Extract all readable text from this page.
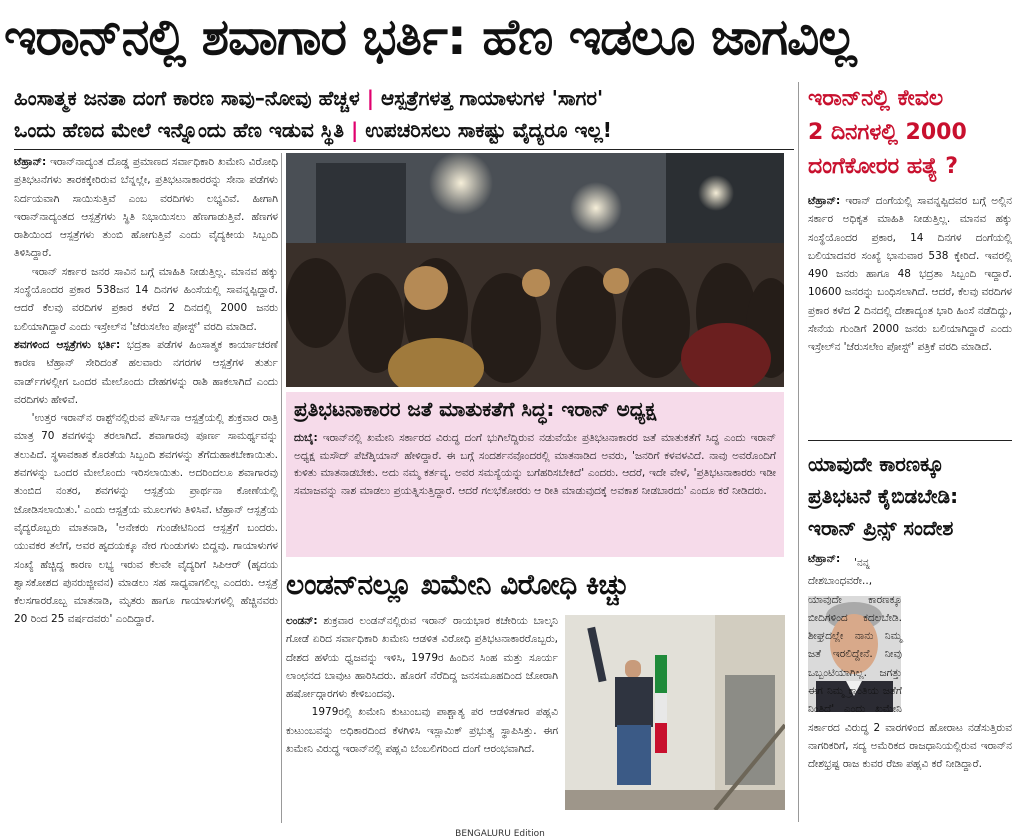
ಇರಾನ್‌ನಲ್ಲಿ ಶವಾಗಾರ ಭರ್ತಿ: ಹೆಣ ಇಡಲೂ ಜಾಗವಿಲ್ಲ
ಹಿಂಸಾತ್ಮಕ ಜನತಾ ದಂಗೆ ಕಾರಣ ಸಾವು–ನೋವು ಹೆಚ್ಚಳ | ಆಸ್ಪತ್ರೆಗಳತ್ತ ಗಾಯಾಳುಗಳ 'ಸಾಗರ'
ಒಂದು ಹೆಣದ ಮೇಲೆ ಇನ್ನೊಂದು ಹೆಣ ಇಡುವ ಸ್ಥಿತಿ | ಉಪಚರಿಸಲು ಸಾಕಷ್ಟು ವೈದ್ಯರೂ ಇಲ್ಲ!

ಟೆಹ್ರಾನ್: ಇರಾನ್‌ನಾದ್ಯಂತ ದೊಡ್ಡ ಪ್ರಮಾಣದ ಸರ್ವಾಧಿಕಾರಿ ಖಮೇನಿ ವಿರೋಧಿ ಪ್ರತಿಭಟನೆಗಳು ತಾರಕಕ್ಕೇರಿರುವ ಬೆನ್ನಲ್ಲೇ, ಪ್ರತಿಭಟನಾಕಾರರನ್ನು ಸೇನಾ ಪಡೆಗಳು ನಿರ್ದಯವಾಗಿ ಸಾಯಿಸುತ್ತಿವೆ ಎಂಬ ವರದಿಗಳು ಲಭ್ಯವಿವೆ. ಹೀಗಾಗಿ ಇರಾನ್‌ನಾದ್ಯಂತದ ಆಸ್ಪತ್ರೆಗಳು ಸ್ಥಿತಿ ನಿಭಾಯಿಸಲು ಹೆಣಗಾಡುತ್ತಿವೆ. ಹೆಣಗಳ ರಾಶಿಯಿಂದ ಆಸ್ಪತ್ರೆಗಳು ತುಂಬಿ ಹೋಗುತ್ತಿವೆ ಎಂದು ವೈದ್ಯಕೀಯ ಸಿಬ್ಬಂದಿ ತಿಳಿಸಿದ್ದಾರೆ.

ಇರಾನ್ ಸರ್ಕಾರ ಜನರ ಸಾವಿನ ಬಗ್ಗೆ ಮಾಹಿತಿ ನೀಡುತ್ತಿಲ್ಲ. ಮಾನವ ಹಕ್ಕು ಸಂಸ್ಥೆಯೊಂದರ ಪ್ರಕಾರ 538ಜನ 14 ದಿನಗಳ ಹಿಂಸೆಯಲ್ಲಿ ಸಾವನ್ನಪ್ಪಿದ್ದಾರೆ. ಆದರೆ ಕೆಲವು ವರದಿಗಳ ಪ್ರಕಾರ ಕಳೆದ 2 ದಿನದಲ್ಲಿ 2000 ಜನರು ಬಲಿಯಾಗಿದ್ದಾರೆ ಎಂದು ಇಸ್ರೇಲ್‌ನ 'ಜೆರುಸಲೇಂ ಪೋಸ್ಟ್' ವರದಿ ಮಾಡಿದೆ.

ಶವಗಳಿಂದ ಆಸ್ಪತ್ರೆಗಳು ಭರ್ತಿ: ಭದ್ರತಾ ಪಡೆಗಳ ಹಿಂಸಾತ್ಮಕ ಕಾರ್ಯಾಚರಣೆ ಕಾರಣ ಟೆಹ್ರಾನ್ ಸೇರಿದಂತೆ ಹಲವಾರು ನಗರಗಳ ಆಸ್ಪತ್ರೆಗಳ ತುರ್ತು ವಾರ್ಡ್‌ಗಳಲ್ಲೀಗ ಒಂದರ ಮೇಲೊಂದು ದೇಹಗಳನ್ನು ರಾಶಿ ಹಾಕಲಾಗಿದೆ ಎಂದು ವರದಿಗಳು ಹೇಳಿವೆ.

'ಉತ್ತರ ಇರಾನ್‌ನ ರಾಶ್ಟ್‌ನಲ್ಲಿರುವ ಪೌರ್ಸಿನಾ ಆಸ್ಪತ್ರೆಯಲ್ಲಿ ಶುಕ್ರವಾರ ರಾತ್ರಿ ಮಾತ್ರ 70 ಶವಗಳನ್ನು ತರಲಾಗಿದೆ. ಶವಾಗಾರವು ಪೂರ್ಣ ಸಾಮರ್ಥ್ಯವನ್ನು ತಲುಪಿದೆ. ಸ್ಥಳಾವಕಾಶ ಕೊರತೆಯ ಸಿಬ್ಬಂದಿ ಶವಗಳನ್ನು ತೆಗೆದುಹಾಕಬೇಕಾಯಿತು. ಶವಗಳನ್ನು ಒಂದರ ಮೇಲೊಂದು ಇರಿಸಲಾಯಿತು. ಅದರಿಂದಲೂ ಶವಾಗಾರವು ತುಂಬಿದ ನಂತರ, ಶವಗಳನ್ನು ಆಸ್ಪತ್ರೆಯ ಪ್ರಾರ್ಥನಾ ಕೋಣೆಯಲ್ಲಿ ಜೋಡಿಸಲಾಯಿತು.' ಎಂದು ಆಸ್ಪತ್ರೆಯ ಮೂಲಗಳು ತಿಳಿಸಿವೆ. ಟೆಹ್ರಾನ್ ಆಸ್ಪತ್ರೆಯ ವೈದ್ಯರೊಬ್ಬರು ಮಾತನಾಡಿ, 'ಅನೇಕರು ಗುಂಡೇಟಿನಿಂದ ಆಸ್ಪತ್ರೆಗೆ ಬಂದರು. ಯುವಕರ ತಲೆಗೆ, ಅವರ ಹೃದಯಕ್ಕೂ ನೇರ ಗುಂಡುಗಳು ಬಿದ್ದವು. ಗಾಯಾಳುಗಳ ಸಂಖ್ಯೆ ಹೆಚ್ಚಿದ್ದ ಕಾರಣ ಲಭ್ಯ ಇರುವ ಕೆಲವೇ ವೈದ್ಯರಿಗೆ ಸಿಪಿಆರ್ (ಹೃದಯ ಶ್ವಾಸಕೋಶದ ಪುನರುಜ್ಜೀವನ) ಮಾಡಲು ಸಹ ಸಾಧ್ಯವಾಗಲಿಲ್ಲ ಎಂದರು. ಆಸ್ಪತ್ರೆ ಕೆಲಸಗಾರರೊಬ್ಬ ಮಾತನಾಡಿ, ಮೃತರು ಹಾಗೂ ಗಾಯಾಳುಗಳಲ್ಲಿ ಹೆಚ್ಚಿನವರು 20 ರಿಂದ 25 ವರ್ಷದವರು' ಎಂದಿದ್ದಾರೆ.

ಪ್ರತಿಭಟನಾಕಾರರ ಜತೆ ಮಾತುಕತೆಗೆ ಸಿದ್ಧ: ಇರಾನ್ ಅಧ್ಯಕ್ಷ
ದುಬೈ: ಇರಾನ್‌ನಲ್ಲಿ ಖಮೇನಿ ಸರ್ಕಾರದ ವಿರುದ್ಧ ದಂಗೆ ಭುಗಿಲೆದ್ದಿರುವ ನಡುವೆಯೇ ಪ್ರತಿಭಟನಾಕಾರರ ಜತೆ ಮಾತುಕತೆಗೆ ಸಿದ್ಧ ಎಂದು ಇರಾನ್ ಅಧ್ಯಕ್ಷ ಮಸೌದ್ ಪೆಜೆಶ್ಕಿಯಾನ್ ಹೇಳಿದ್ದಾರೆ. ಈ ಬಗ್ಗೆ ಸಂದರ್ಶನವೊಂದರಲ್ಲಿ ಮಾತನಾಡಿದ ಅವರು, 'ಜನರಿಗೆ ಕಳವಳವಿದೆ. ನಾವು ಅವರೊಂದಿಗೆ ಕುಳಿತು ಮಾತನಾಡಬೇಕು. ಅದು ನಮ್ಮ ಕರ್ತವ್ಯ. ಅವರ ಸಮಸ್ಯೆಯನ್ನು ಬಗೆಹರಿಸಬೇಕಿದೆ' ಎಂದರು. ಆದರೆ, ಇದೇ ವೇಳೆ, 'ಪ್ರತಿಭಟನಾಕಾರರು ಇಡೀ ಸಮಾಜವನ್ನು ನಾಶ ಮಾಡಲು ಪ್ರಯತ್ನಿಸುತ್ತಿದ್ದಾರೆ. ಆದರೆ ಗಲಭೆಕೋರರು ಆ ರೀತಿ ಮಾಡುವುದಕ್ಕೆ ಅವಕಾಶ ನೀಡಬಾರದು' ಎಂದೂ ಕರೆ ನೀಡಿದರು.
ಲಂಡನ್‌ನಲ್ಲೂ ಖಮೇನಿ ವಿರೋಧಿ ಕಿಚ್ಚು

ಲಂಡನ್: ಶುಕ್ರವಾರ ಲಂಡನ್‌ನಲ್ಲಿರುವ ಇರಾನ್ ರಾಯಭಾರ ಕಚೇರಿಯ ಬಾಲ್ಕನಿ ಗೋಡೆ ಏರಿದ ಸರ್ವಾಧಿಕಾರಿ ಖಮೇನಿ ಆಡಳಿತ ವಿರೋಧಿ ಪ್ರತಿಭಟನಾಕಾರರೊಬ್ಬರು, ದೇಶದ ಹಳೆಯ ಧ್ವಜವನ್ನು ಇಳಿಸಿ, 1979ರ ಹಿಂದಿನ ಸಿಂಹ ಮತ್ತು ಸೂರ್ಯ ಲಾಂಛನದ ಬಾವುಟ ಹಾರಿಸಿದರು. ಹೊರಗೆ ನೆರೆದಿದ್ದ ಜನಸಮೂಹದಿಂದ ಜೋರಾಗಿ ಹರ್ಷೋದ್ಗಾರಗಳು ಕೇಳಿಬಂದವು.

1979ರಲ್ಲಿ ಖಮೇನಿ ಕುಟುಂಬವು ಪಾಶ್ಚಾತ್ಯ ಪರ ಆಡಳಿತಗಾರ ಪಹ್ಲವಿ ಕುಟುಂಬವನ್ನು ಅಧಿಕಾರದಿಂದ ಕೆಳಗಿಳಿಸಿ ಇಸ್ಲಾಮಿಕ್ ಪ್ರಭುತ್ವ ಸ್ಥಾಪಿಸಿತ್ತು. ಈಗ ಖಮೇನಿ ವಿರುದ್ಧ ಇರಾನ್‌ನಲ್ಲಿ ಪಹ್ಲವಿ ಬೆಂಬಲಿಗರಿಂದ ದಂಗೆ ಆರಂಭವಾಗಿದೆ.

ಇರಾನ್‌ನಲ್ಲಿ ಕೇವಲ
2 ದಿನಗಳಲ್ಲಿ 2000
ದಂಗೆಕೋರರ ಹತ್ಯೆ ?

ಟೆಹ್ರಾನ್: ಇರಾನ್ ದಂಗೆಯಲ್ಲಿ ಸಾವನ್ನಪ್ಪಿದವರ ಬಗ್ಗೆ ಅಲ್ಲಿನ ಸರ್ಕಾರ ಅಧಿಕೃತ ಮಾಹಿತಿ ನೀಡುತ್ತಿಲ್ಲ. ಮಾನವ ಹಕ್ಕು ಸಂಸ್ಥೆಯೊಂದರ ಪ್ರಕಾರ, 14 ದಿನಗಳ ದಂಗೆಯಲ್ಲಿ ಬಲಿಯಾದವರ ಸಂಖ್ಯೆ ಭಾನುವಾರ 538 ಕ್ಕೇರಿದೆ. ಇವರಲ್ಲಿ 490 ಜನರು ಹಾಗೂ 48 ಭದ್ರತಾ ಸಿಬ್ಬಂದಿ ಇದ್ದಾರೆ. 10600 ಜನರನ್ನು ಬಂಧಿಸಲಾಗಿದೆ. ಆದರೆ, ಕೆಲವು ವರದಿಗಳ ಪ್ರಕಾರ ಕಳೆದ 2 ದಿನದಲ್ಲಿ ದೇಶಾದ್ಯಂತ ಭಾರಿ ಹಿಂಸೆ ನಡೆದಿದ್ದು, ಸೇನೆಯ ಗುಂಡಿಗೆ 2000 ಜನರು ಬಲಿಯಾಗಿದ್ದಾರೆ ಎಂದು ಇಸ್ರೇಲ್‌ನ 'ಜೆರುಸಲೇಂ ಪೋಸ್ಟ್' ಪತ್ರಿಕೆ ವರದಿ ಮಾಡಿದೆ.

ಯಾವುದೇ ಕಾರಣಕ್ಕೂ
ಪ್ರತಿಭಟನೆ ಕೈಬಿಡಬೇಡಿ:
ಇರಾನ್ ಪ್ರಿನ್ಸ್ ಸಂದೇಶ

ಟೆಹ್ರಾನ್:	'ನನ್ನ ದೇಶಬಾಂಧವರೇ.., ಯಾವುದೇ ಕಾರಣಕ್ಕೂ ಬೀದಿಗಳಿಂದ ಕದಲಬೇಡಿ. ಶೀಘ್ರದಲ್ಲೇ ನಾನು ನಿಮ್ಮ ಜತೆ ಇರಲಿದ್ದೇನೆ. ನೀವು ಒಬ್ಬಂಟಿಯಾಗಿಲ್ಲ. ಜಗತ್ತು ಈಗ ನಿಮ್ಮ ಕ್ರಾಂತಿಯ ಜತೆಗೆ ನಿಂತಿದೆ' ಎಂದು ಖಮೇನಿ ಸರ್ಕಾರದ ವಿರುದ್ಧ 2 ವಾರಗಳಿಂದ ಹೋರಾಟ ನಡೆಸುತ್ತಿರುವ ನಾಗರಿಕರಿಗೆ, ಸದ್ಯ ಅಮೆರಿಕದ ರಾಜಧಾನಿಯಲ್ಲಿರುವ ಇರಾನ್‌ನ ದೇಶಭ್ರಷ್ಟ ರಾಜ ಕುವರ ರೆಜಾ ಪಹ್ಲವಿ ಕರೆ ನೀಡಿದ್ದಾರೆ.

BENGALURU Edition
